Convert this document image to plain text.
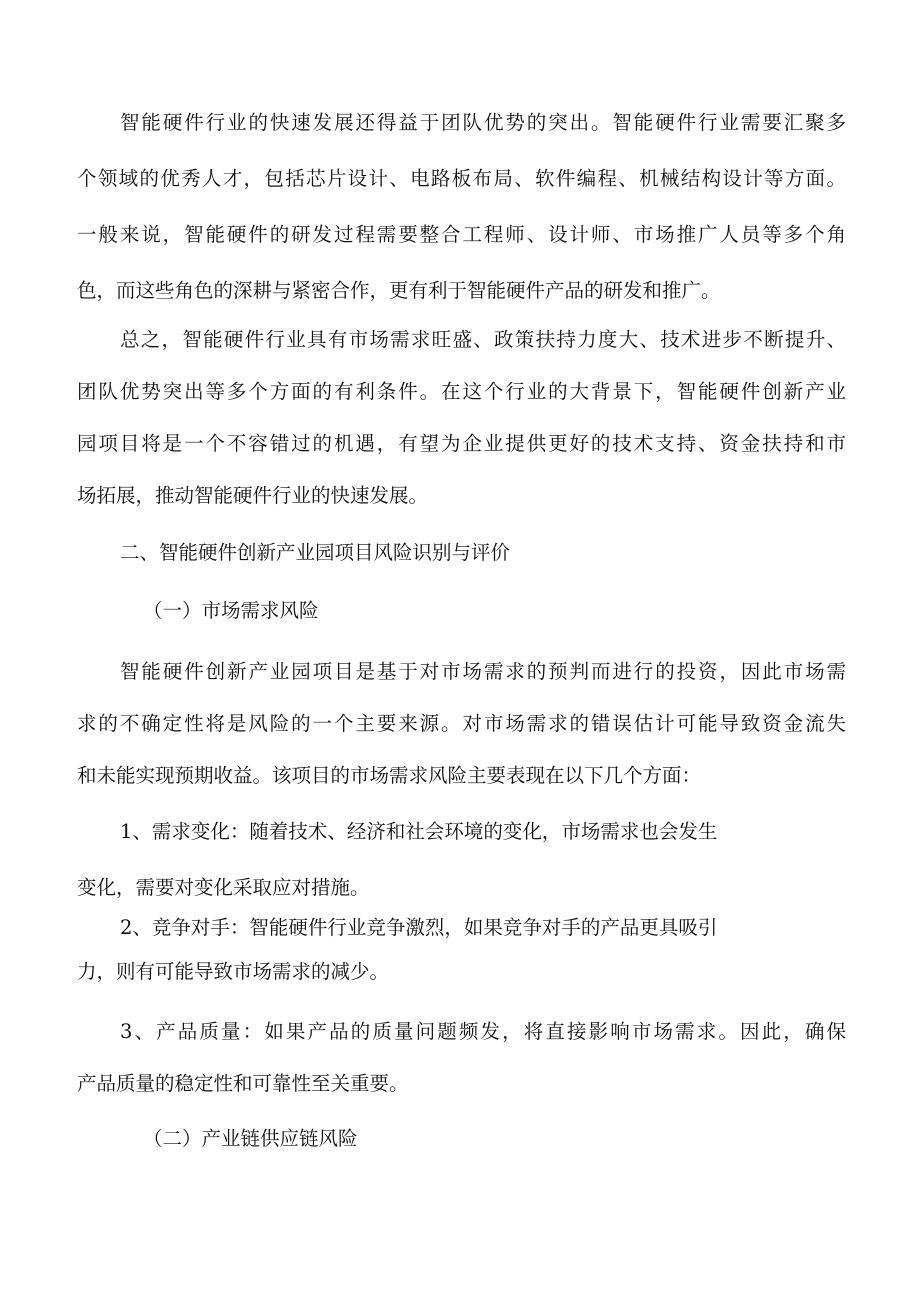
智能硬件行业的快速发展还得益于团队优势的突出。智能硬件行业需要汇聚多

个领域的优秀人才，包括芯片设计、电路板布局、软件编程、机械结构设计等方面。

一般来说，智能硬件的研发过程需要整合工程师、设计师、市场推广人员等多个角

色，而这些角色的深耕与紧密合作，更有利于智能硬件产品的研发和推广。

总之，智能硬件行业具有市场需求旺盛、政策扶持力度大、技术进步不断提升、

团队优势突出等多个方面的有利条件。在这个行业的大背景下，智能硬件创新产业

园项目将是一个不容错过的机遇，有望为企业提供更好的技术支持、资金扶持和市

场拓展，推动智能硬件行业的快速发展。

二、智能硬件创新产业园项目风险识别与评价

（一）市场需求风险

智能硬件创新产业园项目是基于对市场需求的预判而进行的投资，因此市场需

求的不确定性将是风险的一个主要来源。对市场需求的错误估计可能导致资金流失

和未能实现预期收益。该项目的市场需求风险主要表现在以下几个方面：

1、需求变化：随着技术、经济和社会环境的变化，市场需求也会发生

变化，需要对变化采取应对措施。

2、竞争对手：智能硬件行业竞争激烈，如果竞争对手的产品更具吸引

力，则有可能导致市场需求的减少。

3、产品质量：如果产品的质量问题频发，将直接影响市场需求。因此，确保

产品质量的稳定性和可靠性至关重要。

（二）产业链供应链风险
